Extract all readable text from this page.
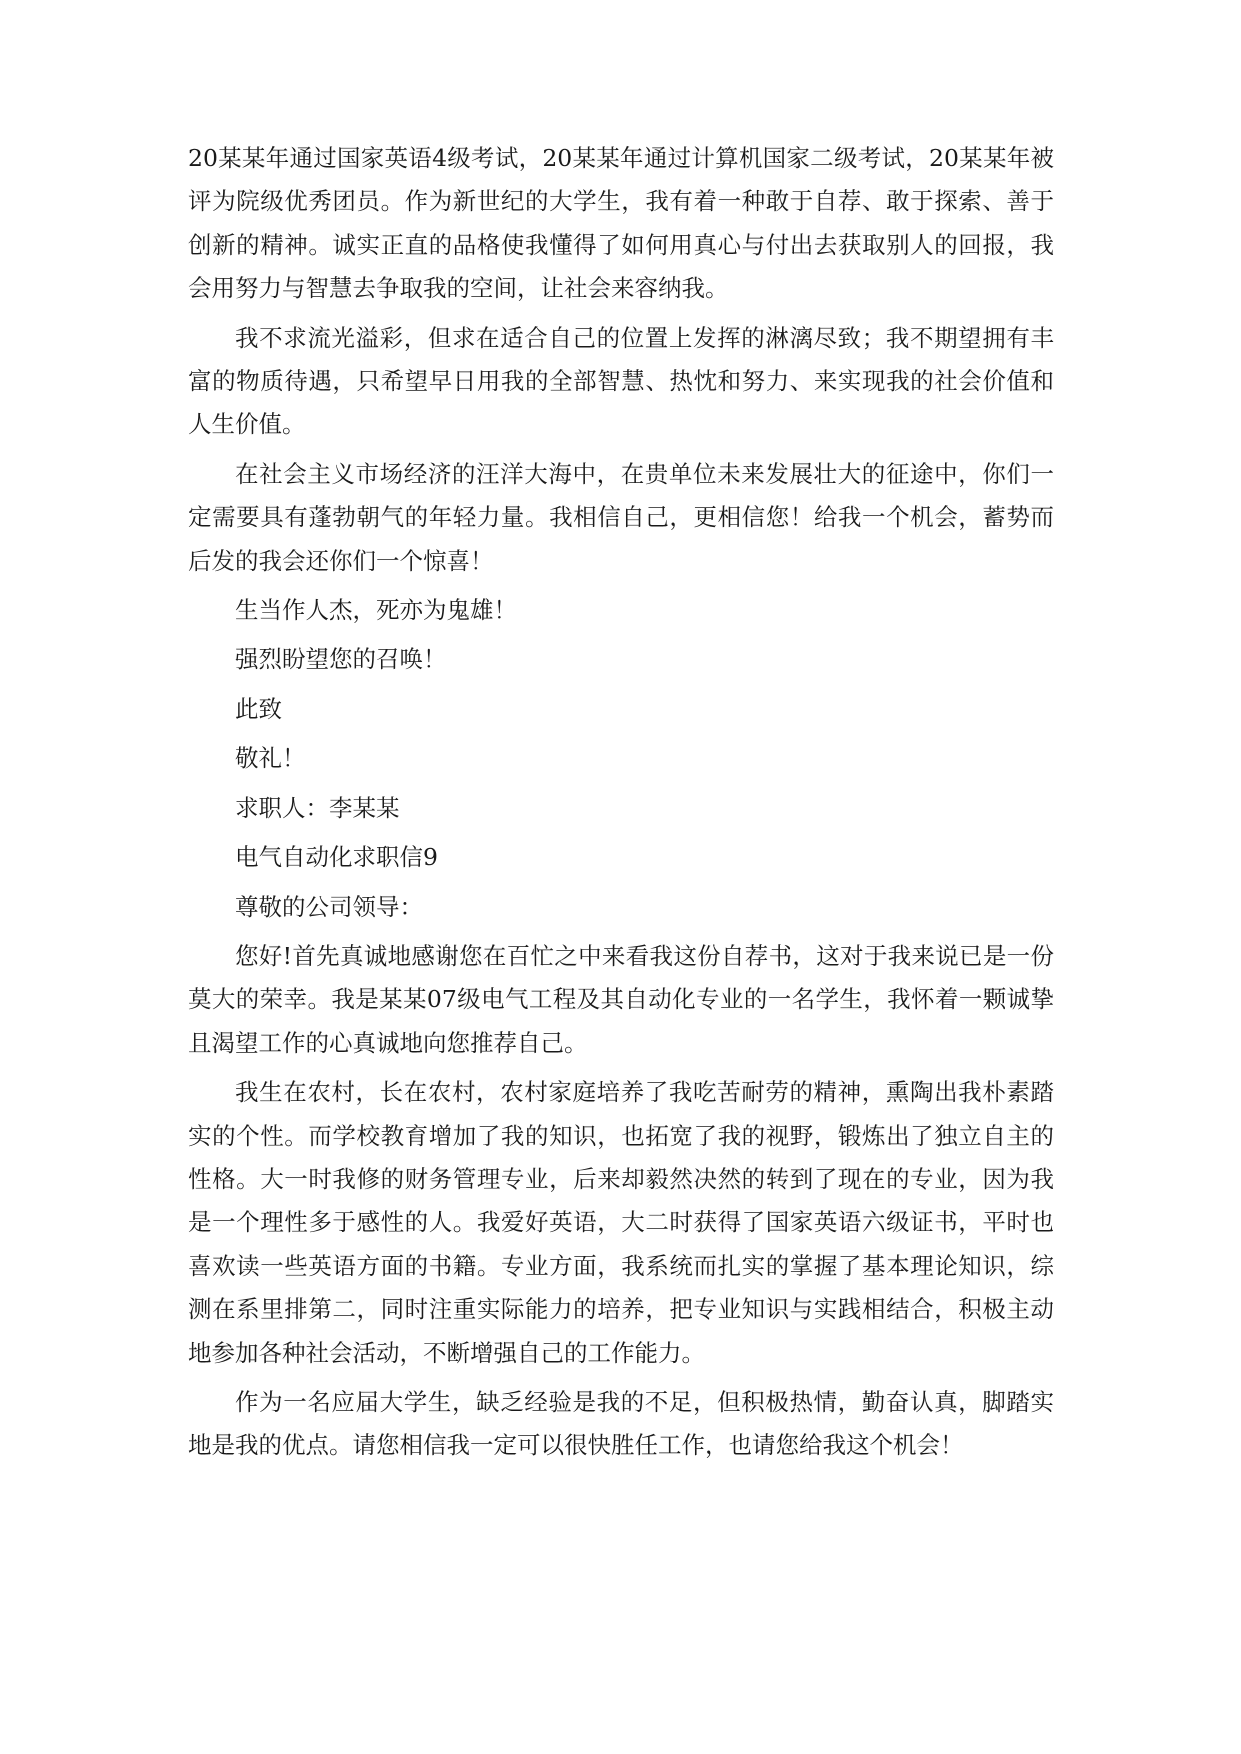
20某某年通过国家英语4级考试，20某某年通过计算机国家二级考试，20某某年被评为院级优秀团员。作为新世纪的大学生，我有着一种敢于自荐、敢于探索、善于创新的精神。诚实正直的品格使我懂得了如何用真心与付出去获取别人的回报，我会用努力与智慧去争取我的空间，让社会来容纳我。

我不求流光溢彩，但求在适合自己的位置上发挥的淋漓尽致；我不期望拥有丰富的物质待遇，只希望早日用我的全部智慧、热忱和努力、来实现我的社会价值和人生价值。

在社会主义市场经济的汪洋大海中，在贵单位未来发展壮大的征途中，你们一定需要具有蓬勃朝气的年轻力量。我相信自己，更相信您！给我一个机会，蓄势而后发的我会还你们一个惊喜！

生当作人杰，死亦为鬼雄！

强烈盼望您的召唤！

此致

敬礼！

求职人：李某某

电气自动化求职信9

尊敬的公司领导：

您好!首先真诚地感谢您在百忙之中来看我这份自荐书，这对于我来说已是一份莫大的荣幸。我是某某07级电气工程及其自动化专业的一名学生，我怀着一颗诚挚且渴望工作的心真诚地向您推荐自己。

我生在农村，长在农村，农村家庭培养了我吃苦耐劳的精神，熏陶出我朴素踏实的个性。而学校教育增加了我的知识，也拓宽了我的视野，锻炼出了独立自主的性格。大一时我修的财务管理专业，后来却毅然决然的转到了现在的专业，因为我是一个理性多于感性的人。我爱好英语，大二时获得了国家英语六级证书，平时也喜欢读一些英语方面的书籍。专业方面，我系统而扎实的掌握了基本理论知识，综测在系里排第二，同时注重实际能力的培养，把专业知识与实践相结合，积极主动地参加各种社会活动，不断增强自己的工作能力。

作为一名应届大学生，缺乏经验是我的不足，但积极热情，勤奋认真，脚踏实地是我的优点。请您相信我一定可以很快胜任工作，也请您给我这个机会！
